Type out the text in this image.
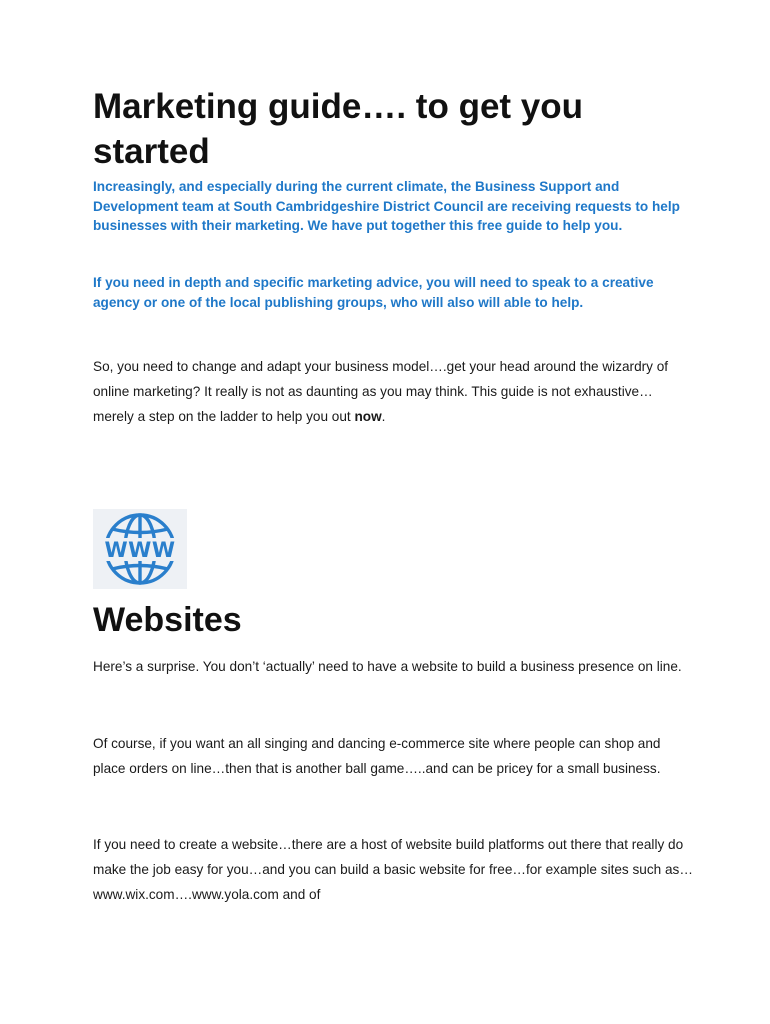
Marketing guide…. to get you started

Increasingly, and especially during the current climate, the Business Support and Development team at South Cambridgeshire District Council are receiving requests to help businesses with their marketing. We have put together this free guide to help you.

If you need in depth and specific marketing advice, you will need to speak to a creative agency or one of the local publishing groups, who will also will able to help.

So, you need to change and adapt your business model….get your head around the wizardry of online marketing? It really is not as daunting as you may think. This guide is not exhaustive…merely a step on the ladder to help you out now.

WWW
Websites

Here’s a surprise. You don’t ‘actually’ need to have a website to build a business presence on line.

Of course, if you want an all singing and dancing e-commerce site where people can shop and place orders on line…then that is another ball game…..and can be pricey for a small business.

If you need to create a website…there are a host of website build platforms out there that really do make the job easy for you…and you can build a basic website for free…for example sites such as…www.wix.com….www.yola.com and of
